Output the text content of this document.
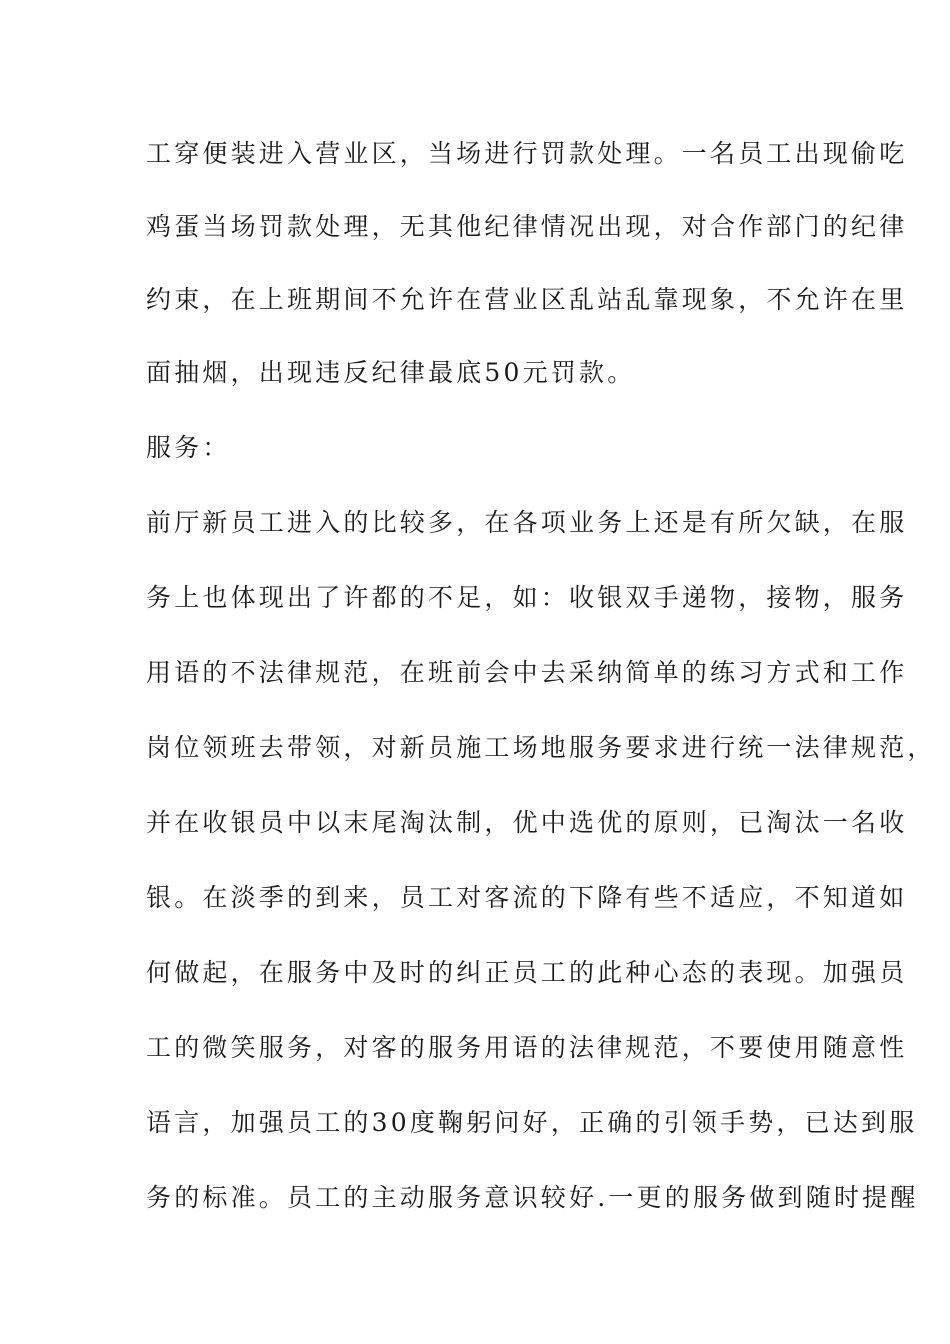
工穿便装进入营业区，当场进行罚款处理。一名员工出现偷吃
鸡蛋当场罚款处理，无其他纪律情况出现，对合作部门的纪律
约束，在上班期间不允许在营业区乱站乱靠现象，不允许在里
面抽烟，出现违反纪律最底50元罚款。
服务：
前厅新员工进入的比较多，在各项业务上还是有所欠缺，在服
务上也体现出了许都的不足，如：收银双手递物，接物，服务
用语的不法律规范，在班前会中去采纳简单的练习方式和工作
岗位领班去带领，对新员施工场地服务要求进行统一法律规范，
并在收银员中以末尾淘汰制，优中选优的原则，已淘汰一名收
银。在淡季的到来，员工对客流的下降有些不适应，不知道如
何做起，在服务中及时的纠正员工的此种心态的表现。加强员
工的微笑服务，对客的服务用语的法律规范，不要使用随意性
语言，加强员工的30度鞠躬问好，正确的引领手势，已达到服
务的标准。员工的主动服务意识较好.一更的服务做到随时提醒
